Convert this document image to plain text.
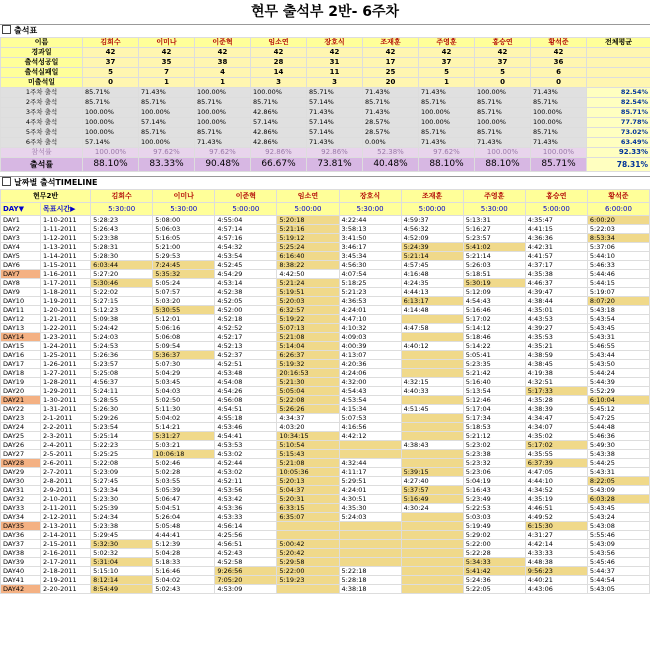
현무 출석부 2반- 6주차
출석표
이름	김희수	이미나	이준혁	임소연	장호식	조재훈	주영훈	홍승연	황석준	전체평균
경과일	42	42	42	42	42	42	42	42	42	
출석성공일	37	35	38	28	31	17	37	37	36	
출석실패일	5	7	4	14	11	25	5	5	6	
미출석일	0	1	1	3	3	20	1	0	0	
1주차 출석	85.71%	71.43%	100.00%	100.00%	85.71%	71.43%	71.43%	100.00%	71.43%	82.54%
2주차 출석	85.71%	85.71%	85.71%	85.71%	57.14%	85.71%	85.71%	85.71%	85.71%	82.54%
3주차 출석	100.00%	100.00%	100.00%	42.86%	71.43%	71.43%	100.00%	85.71%	100.00%	85.71%
4주차 출석	100.00%	57.14%	100.00%	57.14%	57.14%	28.57%	100.00%	100.00%	100.00%	77.78%
5주차 출석	100.00%	85.71%	85.71%	42.86%	57.14%	28.57%	85.71%	85.71%	85.71%	73.02%
6주차 출석	57.14%	100.00%	71.43%	42.86%	71.43%	0.00%	71.43%	71.43%	71.43%	63.49%
참석률	100.00%	97.62%	97.62%	92.86%	92.86%	52.38%	97.62%	100.00%	100.00%	92.33%
출석률	88.10%	83.33%	90.48%	66.67%	73.81%	40.48%	88.10%	88.10%	85.71%	78.31%
날짜별 출석TIMELINE
현무2반		김희수	이미나	이준혁	임소연	장호식	조재훈	주영훈	홍승연	황석준
DAY▼	목표시간▶	5:30:00	5:30:00	5:00:00	5:00:00	5:30:00	5:00:00	5:30:00	5:00:00	6:00:00
DAY1	1-10-2011	5:28:23	5:08:00	4:55:04	5:20:18	4:22:44	4:59:37	5:13:31	4:35:47	6:00:20
DAY2	1-11-2011	5:26:43	5:06:03	4:57:14	5:21:16	3:58:13	4:56:32	5:16:27	4:41:15	5:22:03
DAY3	1-12-2011	5:23:38	5:16:05	4:57:16	5:19:12	3:41:50	4:52:09	5:23:57	4:36:36	8:53:34
DAY4	1-13-2011	5:28:31	5:21:00	4:54:32	5:25:24	3:46:17	5:24:39	5:41:02	4:42:31	5:37:06
DAY5	1-14-2011	5:28:30	5:29:53	4:53:54	6:16:40	3:45:34	5:21:14	5:21:14	4:41:57	5:44:10
DAY6	1-15-2011	6:03:44	7:24:45	4:52:45	8:38:22	4:56:30	4:57:45	5:26:03	4:37:17	5:46:33
DAY7	1-16-2011	5:27:20	5:35:32	4:54:29	4:42:50	4:07:54	4:16:48	5:18:51	4:35:38	5:44:46
DAY8	1-17-2011	5:30:46	5:05:24	4:53:14	5:21:24	5:18:25	4:24:35	5:30:19	4:46:37	5:44:15
DAY9	1-18-2011	5:22:02	5:07:57	4:52:38	5:19:51	5:21:23	4:44:13	5:12:09	4:39:47	5:19:07
DAY10	1-19-2011	5:27:15	5:03:20	4:52:05	5:20:03	4:36:53	6:13:17	4:54:43	4:38:44	8:07:20
DAY11	1-20-2011	5:12:23	5:30:55	4:52:00	6:32:57	4:24:01	4:14:48	5:16:46	4:35:01	5:43:18
DAY12	1-21-2011	5:09:38	5:12:01	4:52:18	5:19:22	4:47:10		5:17:02	4:43:53	5:43:54
DAY13	1-22-2011	5:24:42	5:06:16	4:52:52	5:07:13	4:10:32	4:47:58	5:14:12	4:39:27	5:43:45
DAY14	1-23-2011	5:24:03	5:06:08	4:52:17	5:21:08	4:09:03		5:18:46	4:35:53	5:43:31
DAY15	1-24-2011	5:24:53	5:09:54	4:52:13	5:14:04	4:00:39	4:40:12	5:14:22	4:35:21	5:46:55
DAY16	1-25-2011	5:26:36	5:36:37	4:52:37	6:26:37	4:13:07		5:05:41	4:38:59	5:43:44
DAY17	1-26-2011	5:23:57	5:07:30	4:52:51	5:19:32	4:20:36		5:23:35	4:38:45	5:43:50
DAY18	1-27-2011	5:25:08	5:04:29	4:53:48	20:16:53	4:24:06		5:21:42	4:19:38	5:44:24
DAY19	1-28-2011	4:56:37	5:03:45	4:54:08	5:21:30	4:32:00	4:32:15	5:16:40	4:32:51	5:44:39
DAY20	1-29-2011	5:24:11	5:04:03	4:54:26	5:05:04	4:54:43	4:40:33	5:13:54	5:17:33	5:52:29
DAY21	1-30-2011	5:28:55	5:02:50	4:56:08	5:22:08	4:53:54		5:12:46	4:35:28	6:10:04
DAY22	1-31-2011	5:26:30	5:11:30	4:54:51	5:26:26	4:15:34	4:51:45	5:17:04	4:38:39	5:45:12
DAY23	2-1-2011	5:29:26	5:04:02	4:55:18	4:34:37	5:07:53		5:17:34	4:34:47	5:47:25
DAY24	2-2-2011	5:23:54	5:14:21	4:53:46	4:03:20	4:16:56		5:18:53	4:34:07	5:44:48
DAY25	2-3-2011	5:25:14	5:31:27	4:54:41	10:34:15	4:42:12		5:21:12	4:35:02	5:46:36
DAY26	2-4-2011	5:22:23	5:03:21	4:53:53	5:10:54		4:38:43	5:23:02	5:17:02	5:49:30
DAY27	2-5-2011	5:25:25	10:06:18	4:53:02	5:15:43			5:23:38	4:35:55	5:43:38
DAY28	2-6-2011	5:22:08	5:02:46	4:52:44	5:21:08	4:32:44		5:23:32	6:37:39	5:44:25
DAY29	2-7-2011	5:23:09	5:02:28	4:53:02	10:05:36	4:11:17	5:39:15	5:23:06	4:47:05	5:43:31
DAY30	2-8-2011	5:27:45	5:03:55	4:52:11	5:20:13	5:29:51	4:27:40	5:04:19	4:44:10	8:22:05
DAY31	2-9-2011	5:23:34	5:05:39	4:53:56	5:04:37	4:24:01	5:37:57	5:16:43	4:34:52	5:43:09
DAY32	2-10-2011	5:23:30	5:06:47	4:53:42	5:20:31	4:30:51	5:16:49	5:23:49	4:35:19	6:03:28
DAY33	2-11-2011	5:25:39	5:04:51	4:53:36	6:33:15	4:35:30	4:30:24	5:22:53	4:46:51	5:43:45
DAY34	2-12-2011	5:24:34	5:26:04	4:53:33	6:35:07	5:24:03		5:03:03	4:49:52	5:43:24
DAY35	2-13-2011	5:23:38	5:05:48	4:56:14				5:19:49	6:15:30	5:43:08
DAY36	2-14-2011	5:29:45	4:44:41	4:25:56				5:29:02	4:31:27	5:55:46
DAY37	2-15-2011	5:32:30	5:12:39	4:56:51	5:00:42			5:22:00	4:42:14	5:43:09
DAY38	2-16-2011	5:02:32	5:04:28	4:52:43	5:20:42			5:22:28	4:33:33	5:43:56
DAY39	2-17-2011	5:31:04	5:18:33	4:52:58	5:29:58			5:34:33	4:48:38	5:45:46
DAY40	2-18-2011	5:15:10	5:16:46	9:26:56	5:22:00	5:22:18		5:41:42	9:56:23	5:44:37
DAY41	2-19-2011	8:12:14	5:04:02	7:05:20	5:19:23	5:28:18		5:24:36	4:40:21	5:44:54
DAY42	2-20-2011	8:54:49	5:02:43	4:53:09		4:38:18		5:22:05	4:43:06	5:43:05
